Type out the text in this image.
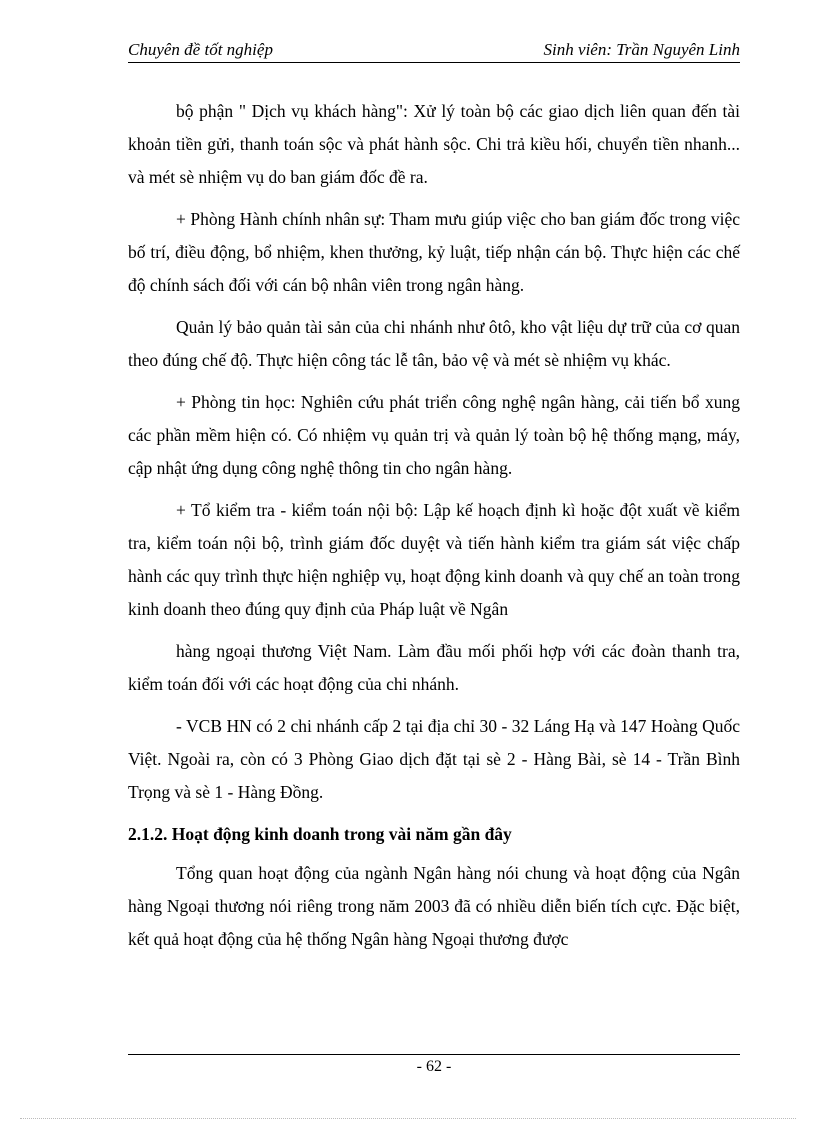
Chuyên đề tốt nghiệp	Sinh viên: Trần Nguyên Linh

bộ phận " Dịch vụ khách hàng": Xử lý toàn bộ các giao dịch liên quan đến tài khoản tiền gửi, thanh toán sộc và phát hành sộc. Chi trả kiều hối, chuyển tiền nhanh... và mét sè nhiệm vụ do ban giám đốc đề ra.

+ Phòng Hành chính nhân sự: Tham mưu giúp việc cho ban giám đốc trong việc bố trí, điều động, bổ nhiệm, khen thưởng, kỷ luật, tiếp nhận cán bộ. Thực hiện các chế độ chính sách đối với cán bộ nhân viên trong ngân hàng.

Quản lý bảo quản tài sản của chi nhánh như ôtô, kho vật liệu dự trữ của cơ quan theo đúng chế độ. Thực hiện công tác lễ tân, bảo vệ và mét sè nhiệm vụ khác.

+ Phòng tin học: Nghiên cứu phát triển công nghệ ngân hàng, cải tiến bổ xung các phần mềm hiện có. Có nhiệm vụ quản trị và quản lý toàn bộ hệ thống mạng, máy, cập nhật ứng dụng công nghệ thông tin cho ngân hàng.

+ Tổ kiểm tra - kiểm toán nội bộ: Lập kế hoạch định kì hoặc đột xuất về kiểm tra, kiểm toán nội bộ, trình giám đốc duyệt và tiến hành kiểm tra giám sát việc chấp hành các quy trình thực hiện nghiệp vụ, hoạt động kinh doanh và quy chế an toàn trong kinh doanh theo đúng quy định của Pháp luật về Ngân

hàng ngoại thương Việt Nam. Làm đầu mối phối hợp với các đoàn thanh tra, kiểm toán đối với các hoạt động của chi nhánh.

- VCB HN có 2 chi nhánh cấp 2 tại địa chỉ 30 - 32 Láng Hạ và 147 Hoàng Quốc Việt. Ngoài ra, còn có 3 Phòng Giao dịch đặt tại sè 2 - Hàng Bài, sè 14 - Trần Bình Trọng và sè 1 - Hàng Đồng.

2.1.2. Hoạt động kinh doanh trong vài năm gần đây

Tổng quan hoạt động của ngành Ngân hàng nói chung và hoạt động của Ngân hàng Ngoại thương nói riêng trong năm 2003 đã có nhiều diễn biến tích cực. Đặc biệt, kết quả hoạt động của hệ thống Ngân hàng Ngoại thương được

- 62 -
